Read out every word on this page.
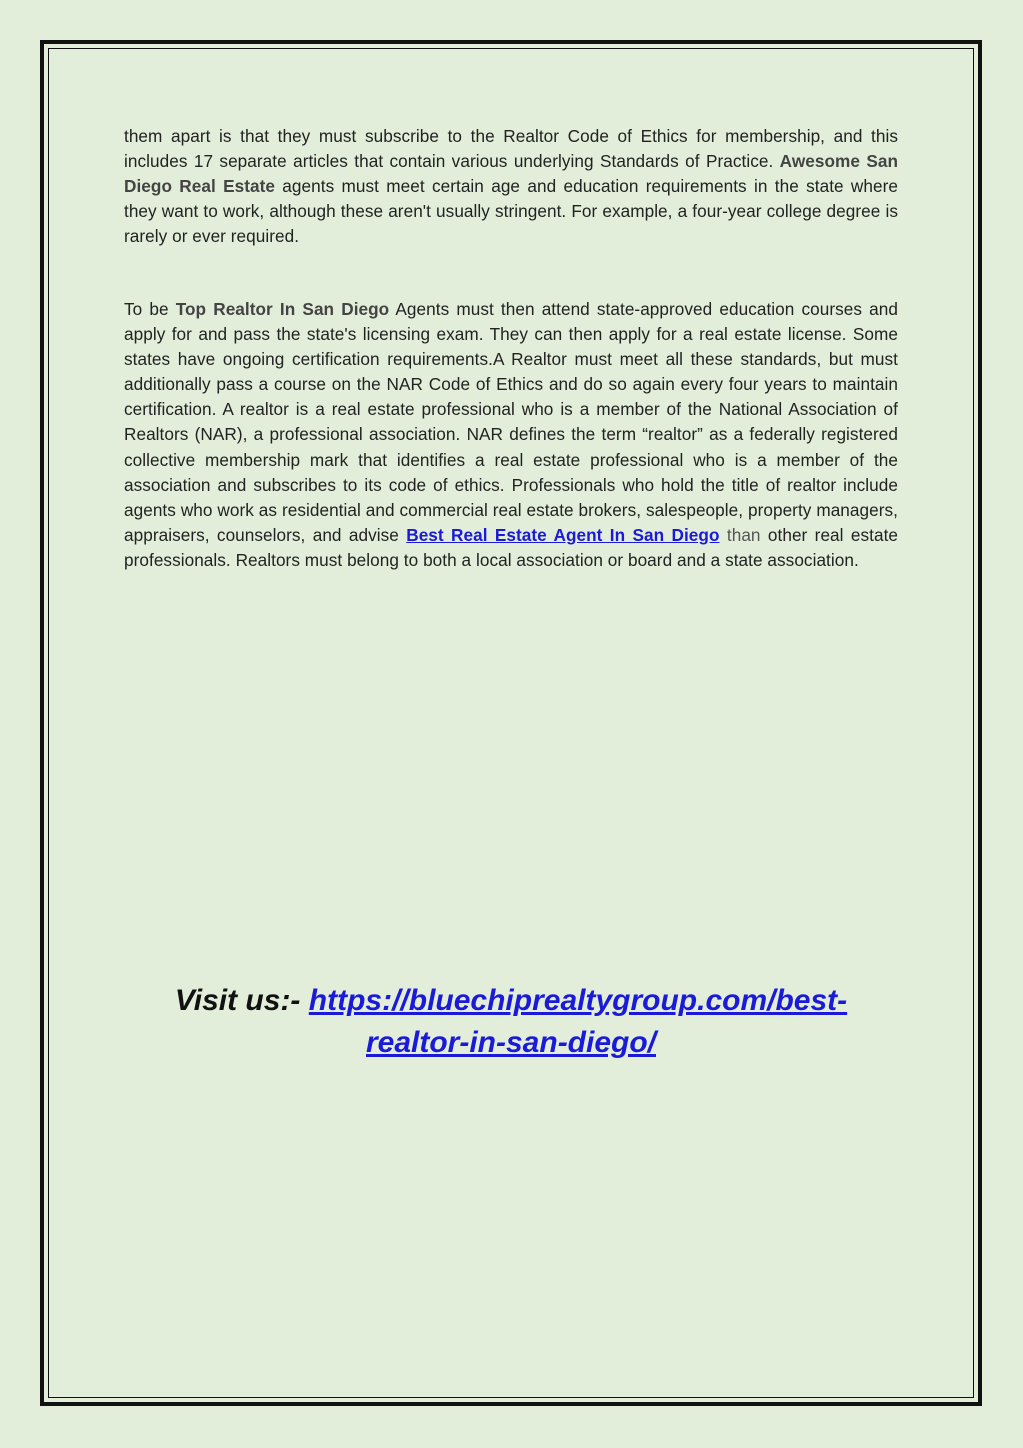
them apart is that they must subscribe to the Realtor Code of Ethics for membership, and this includes 17 separate articles that contain various underlying Standards of Practice. Awesome San Diego Real Estate agents must meet certain age and education requirements in the state where they want to work, although these aren't usually stringent. For example, a four-year college degree is rarely or ever required.

To be Top Realtor In San Diego Agents must then attend state-approved education courses and apply for and pass the state's licensing exam. They can then apply for a real estate license. Some states have ongoing certification requirements.A Realtor must meet all these standards, but must additionally pass a course on the NAR Code of Ethics and do so again every four years to maintain certification. A realtor is a real estate professional who is a member of the National Association of Realtors (NAR), a professional association. NAR defines the term “realtor” as a federally registered collective membership mark that identifies a real estate professional who is a member of the association and subscribes to its code of ethics. Professionals who hold the title of realtor include agents who work as residential and commercial real estate brokers, salespeople, property managers, appraisers, counselors, and advise Best Real Estate Agent In San Diego than other real estate professionals. Realtors must belong to both a local association or board and a state association.

Visit us:- https://bluechiprealtygroup.com/best-realtor-in-san-diego/
